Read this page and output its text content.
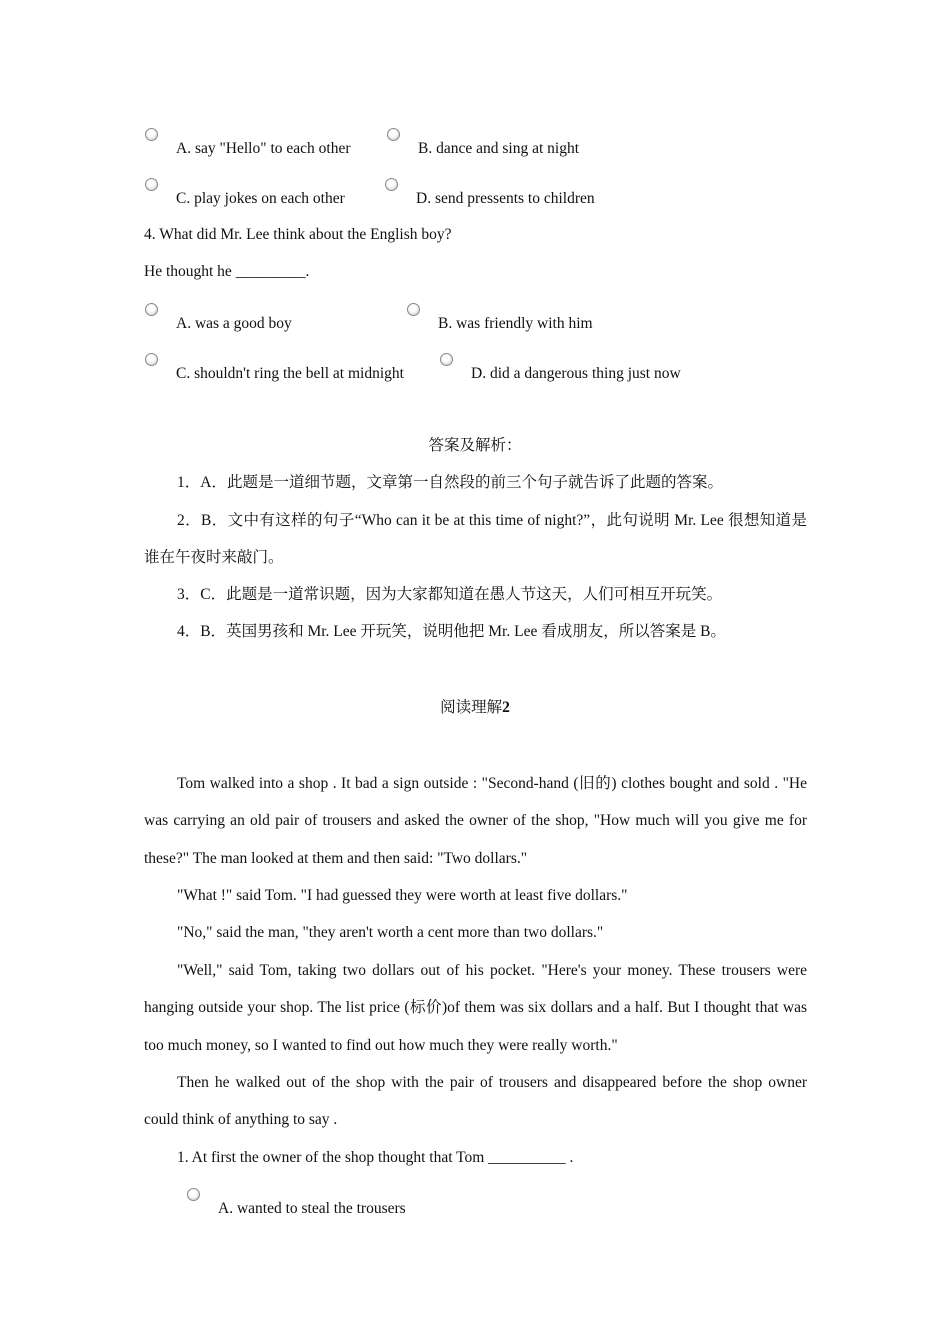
A. say "Hello" to each other	B. dance and sing at night
C. play jokes on each other	D. send pressents to children
4. What did Mr. Lee think about the English boy?
He thought he _________.
A. was a good boy	B. was friendly with him
C. shouldn't ring the bell at midnight	D. did a dangerous thing just now
答案及解析：
1．A．此题是一道细节题，文章第一自然段的前三个句子就告诉了此题的答案。
2．B．文中有这样的句子“Who can it be at this time of night?”，此句说明 Mr. Lee 很想知道是谁在午夜时来敲门。
3．C．此题是一道常识题，因为大家都知道在愚人节这天，人们可相互开玩笑。
4．B．英国男孩和 Mr. Lee 开玩笑，说明他把 Mr. Lee 看成朋友，所以答案是 B。
阅读理解2
Tom walked into a shop . It bad a sign outside : "Second-hand (旧的) clothes bought and sold . "He was carrying an old pair of trousers and asked the owner of the shop, "How much will you give me for these?" The man looked at them and then said: "Two dollars."
"What !" said Tom. "I had guessed they were worth at least five dollars."
"No," said the man, "they aren't worth a cent more than two dollars."
"Well," said Tom, taking two dollars out of his pocket. "Here's your money. These trousers were hanging outside your shop. The list price (标价)of them was six dollars and a half. But I thought that was too much money, so I wanted to find out how much they were really worth."
Then he walked out of the shop with the pair of trousers and disappeared before the shop owner could think of anything to say .
1. At first the owner of the shop thought that Tom __________ .
A. wanted to steal the trousers
